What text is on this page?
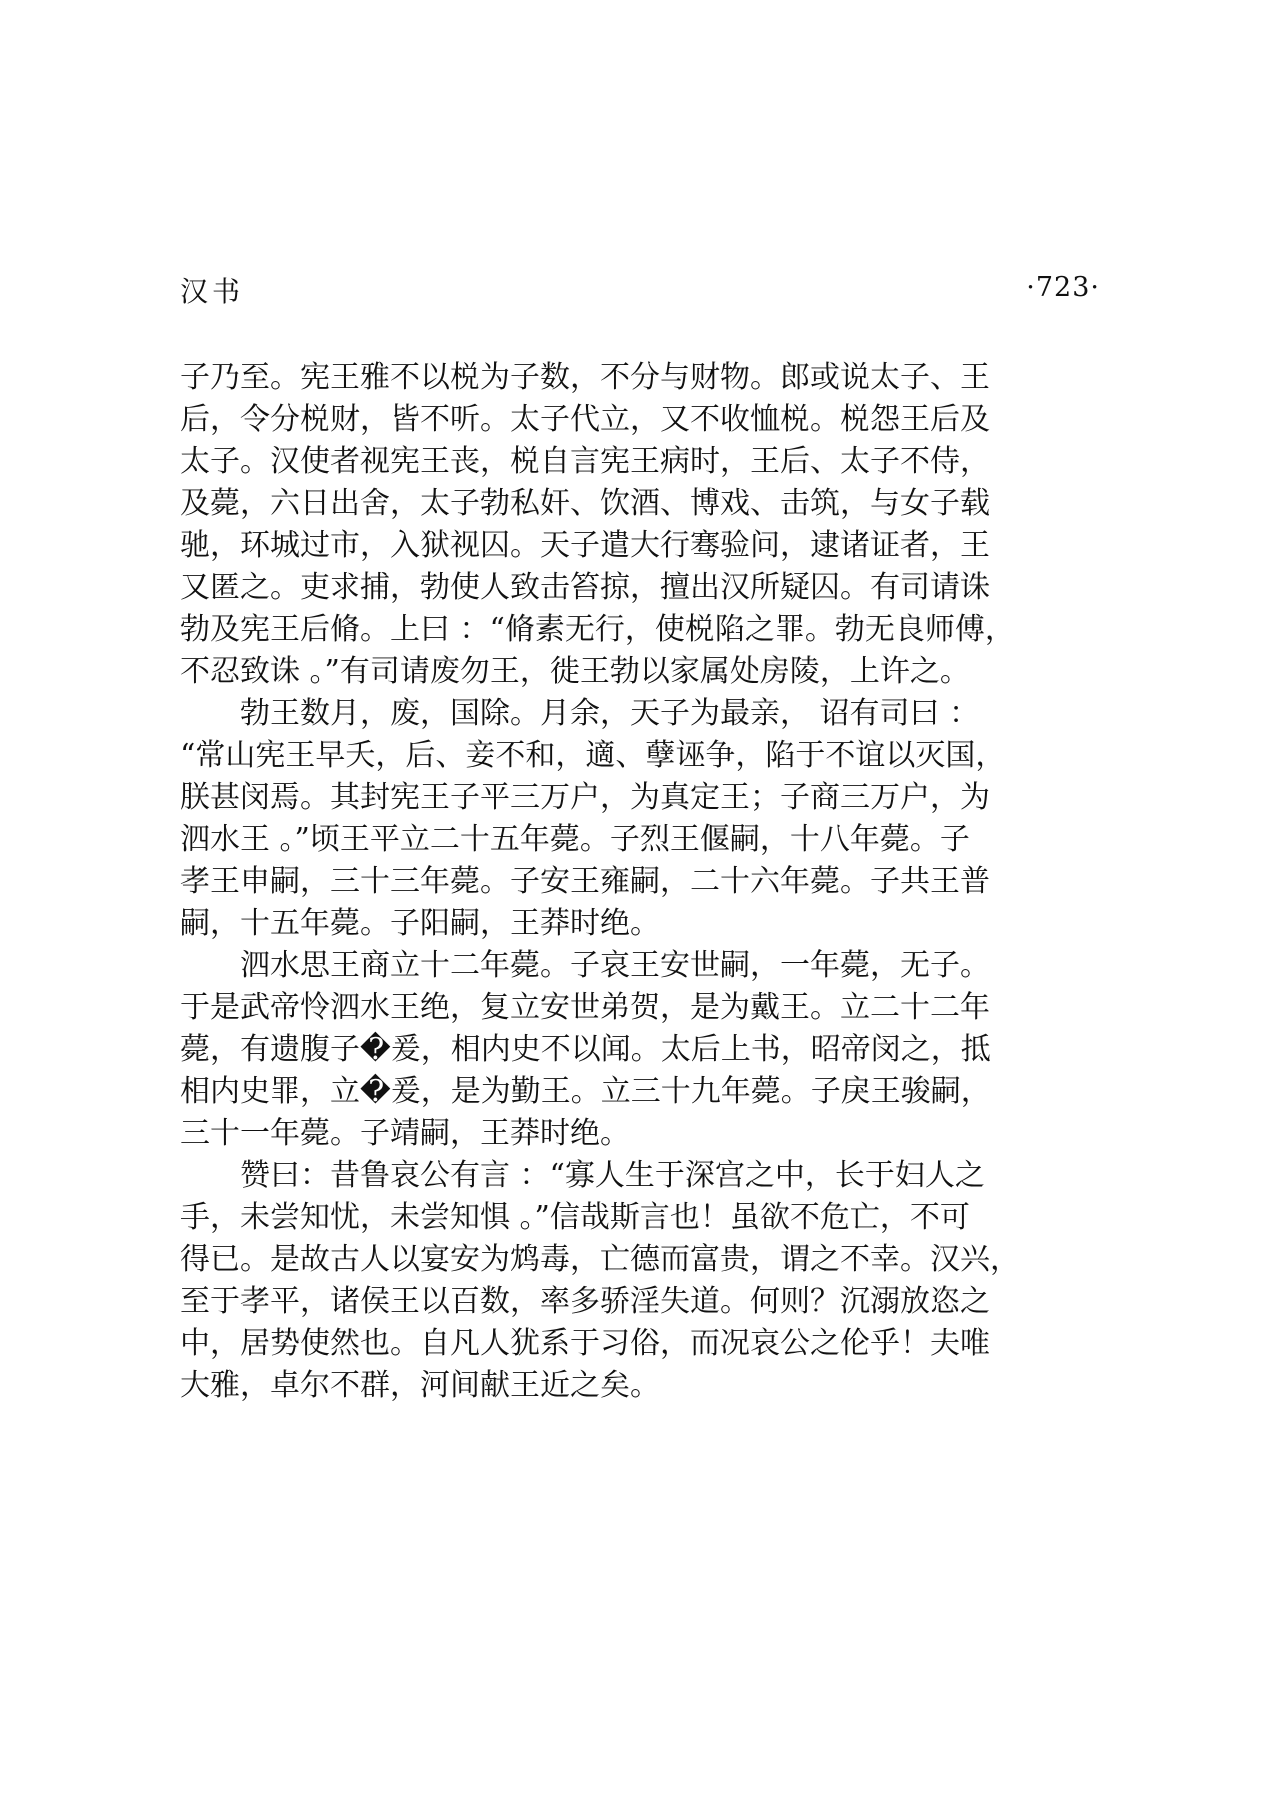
汉书	·723·
子乃至。宪王雅不以棁为子数，不分与财物。郎或说太子、王
后，令分棁财，皆不听。太子代立，又不收恤棁。棁怨王后及
太子。汉使者视宪王丧，棁自言宪王病时，王后、太子不侍，
及薨，六日出舍，太子勃私奸、饮酒、博戏、击筑，与女子载
驰，环城过市，入狱视囚。天子遣大行骞验问，逮诸证者，王
又匿之。吏求捕，勃使人致击笞掠，擅出汉所疑囚。有司请诛
勃及宪王后脩。上曰 ：“脩素无行，使棁陷之罪。勃无良师傅，
不忍致诛 。”有司请废勿王，徙王勃以家属处房陵，上许之。
勃王数月，废，国除。月余，天子为最亲， 诏有司曰 ：
“常山宪王早夭，后、妾不和，適、孽诬争，陷于不谊以灭国，
朕甚闵焉。其封宪王子平三万户，为真定王；子商三万户，为
泗水王 。”顷王平立二十五年薨。子烈王偃嗣，十八年薨。子
孝王申嗣，三十三年薨。子安王雍嗣，二十六年薨。子共王普
嗣，十五年薨。子阳嗣，王莽时绝。
泗水思王商立十二年薨。子哀王安世嗣，一年薨，无子。
于是武帝怜泗水王绝，复立安世弟贺，是为戴王。立二十二年
薨，有遗腹子�爰，相内史不以闻。太后上书，昭帝闵之，抵
相内史罪，立�爰，是为勤王。立三十九年薨。子戾王骏嗣，
三十一年薨。子靖嗣，王莽时绝。
赞曰：昔鲁哀公有言 ：“寡人生于深宫之中，长于妇人之
手，未尝知忧，未尝知惧 。”信哉斯言也！虽欲不危亡，不可
得已。是故古人以宴安为鸩毒，亡德而富贵，谓之不幸。汉兴，
至于孝平，诸侯王以百数，率多骄淫失道。何则？沉溺放恣之
中，居势使然也。自凡人犹系于习俗，而况哀公之伦乎！夫唯
大雅，卓尔不群，河间献王近之矣。
